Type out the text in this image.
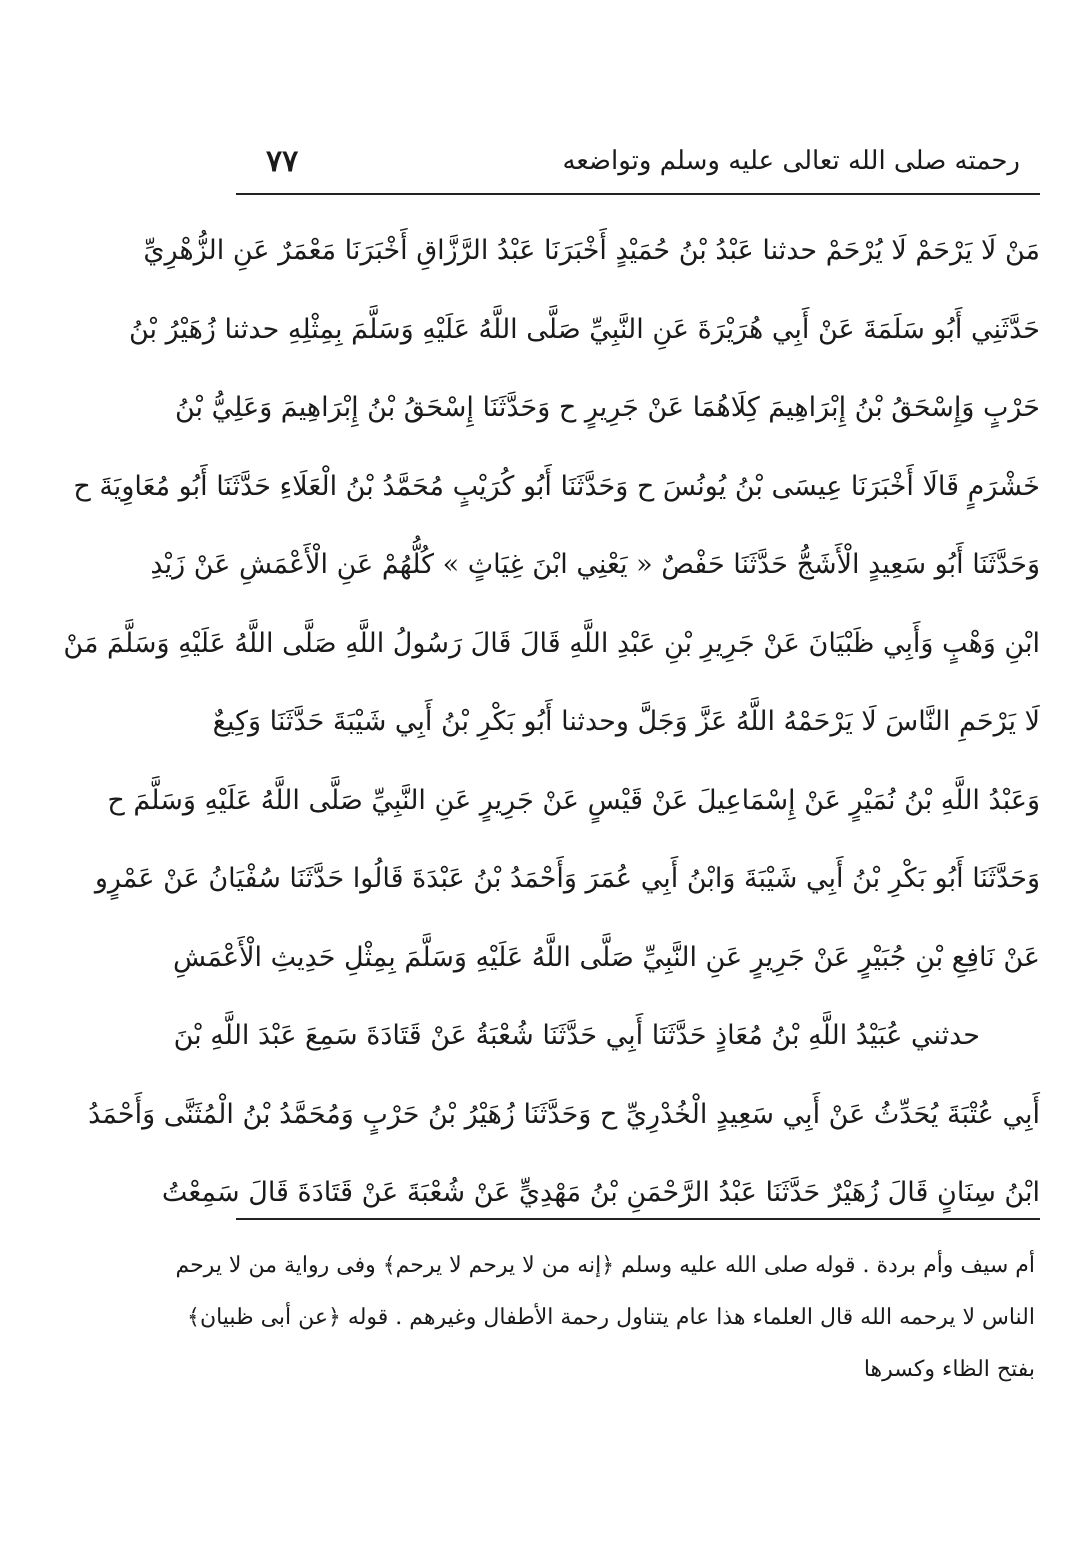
رحمته صلى الله تعالى عليه وسلم وتواضعه
٧٧
مَنْ لَا يَرْحَمْ لَا يُرْحَمْ حدثنا عَبْدُ بْنُ حُمَيْدٍ أَخْبَرَنَا عَبْدُ الرَّزَّاقِ أَخْبَرَنَا مَعْمَرٌ عَنِ الزُّهْرِيِّ
حَدَّثَنِي أَبُو سَلَمَةَ عَنْ أَبِي هُرَيْرَةَ عَنِ النَّبِيِّ صَلَّى اللَّهُ عَلَيْهِ وَسَلَّمَ بِمِثْلِهِ حدثنا زُهَيْرُ بْنُ
حَرْبٍ وَإِسْحَقُ بْنُ إِبْرَاهِيمَ كِلَاهُمَا عَنْ جَرِيرٍ ح وَحَدَّثَنَا إِسْحَقُ بْنُ إِبْرَاهِيمَ وَعَلِيُّ بْنُ
خَشْرَمٍ قَالَا أَخْبَرَنَا عِيسَى بْنُ يُونُسَ ح وَحَدَّثَنَا أَبُو كُرَيْبٍ مُحَمَّدُ بْنُ الْعَلَاءِ حَدَّثَنَا أَبُو مُعَاوِيَةَ ح
وَحَدَّثَنَا أَبُو سَعِيدٍ الْأَشَجُّ حَدَّثَنَا حَفْصٌ « يَعْنِي ابْنَ غِيَاثٍ » كُلُّهُمْ عَنِ الْأَعْمَشِ عَنْ زَيْدِ
ابْنِ وَهْبٍ وَأَبِي ظَبْيَانَ عَنْ جَرِيرِ بْنِ عَبْدِ اللَّهِ قَالَ قَالَ رَسُولُ اللَّهِ صَلَّى اللَّهُ عَلَيْهِ وَسَلَّمَ مَنْ
لَا يَرْحَمِ النَّاسَ لَا يَرْحَمْهُ اللَّهُ عَزَّ وَجَلَّ وحدثنا أَبُو بَكْرِ بْنُ أَبِي شَيْبَةَ حَدَّثَنَا وَكِيعٌ
وَعَبْدُ اللَّهِ بْنُ نُمَيْرٍ عَنْ إِسْمَاعِيلَ عَنْ قَيْسٍ عَنْ جَرِيرٍ عَنِ النَّبِيِّ صَلَّى اللَّهُ عَلَيْهِ وَسَلَّمَ ح
وَحَدَّثَنَا أَبُو بَكْرِ بْنُ أَبِي شَيْبَةَ وَابْنُ أَبِي عُمَرَ وَأَحْمَدُ بْنُ عَبْدَةَ قَالُوا حَدَّثَنَا سُفْيَانُ عَنْ عَمْرٍو
عَنْ نَافِعِ بْنِ جُبَيْرٍ عَنْ جَرِيرٍ عَنِ النَّبِيِّ صَلَّى اللَّهُ عَلَيْهِ وَسَلَّمَ بِمِثْلِ حَدِيثِ الْأَعْمَشِ
حدثني عُبَيْدُ اللَّهِ بْنُ مُعَاذٍ حَدَّثَنَا أَبِي حَدَّثَنَا شُعْبَةُ عَنْ قَتَادَةَ سَمِعَ عَبْدَ اللَّهِ بْنَ
أَبِي عُتْبَةَ يُحَدِّثُ عَنْ أَبِي سَعِيدٍ الْخُدْرِيِّ ح وَحَدَّثَنَا زُهَيْرُ بْنُ حَرْبٍ وَمُحَمَّدُ بْنُ الْمُثَنَّى وَأَحْمَدُ
ابْنُ سِنَانٍ قَالَ زُهَيْرٌ حَدَّثَنَا عَبْدُ الرَّحْمَنِ بْنُ مَهْدِيٍّ عَنْ شُعْبَةَ عَنْ قَتَادَةَ قَالَ سَمِعْتُ
أم سيف وأم بردة . قوله صلى الله عليه وسلم ﴿إنه من لا يرحم لا يرحم﴾ وفى رواية من لا يرحم
الناس لا يرحمه الله قال العلماء هذا عام يتناول رحمة الأطفال وغيرهم . قوله ﴿عن أبى ظبيان﴾
بفتح الظاء وكسرها
